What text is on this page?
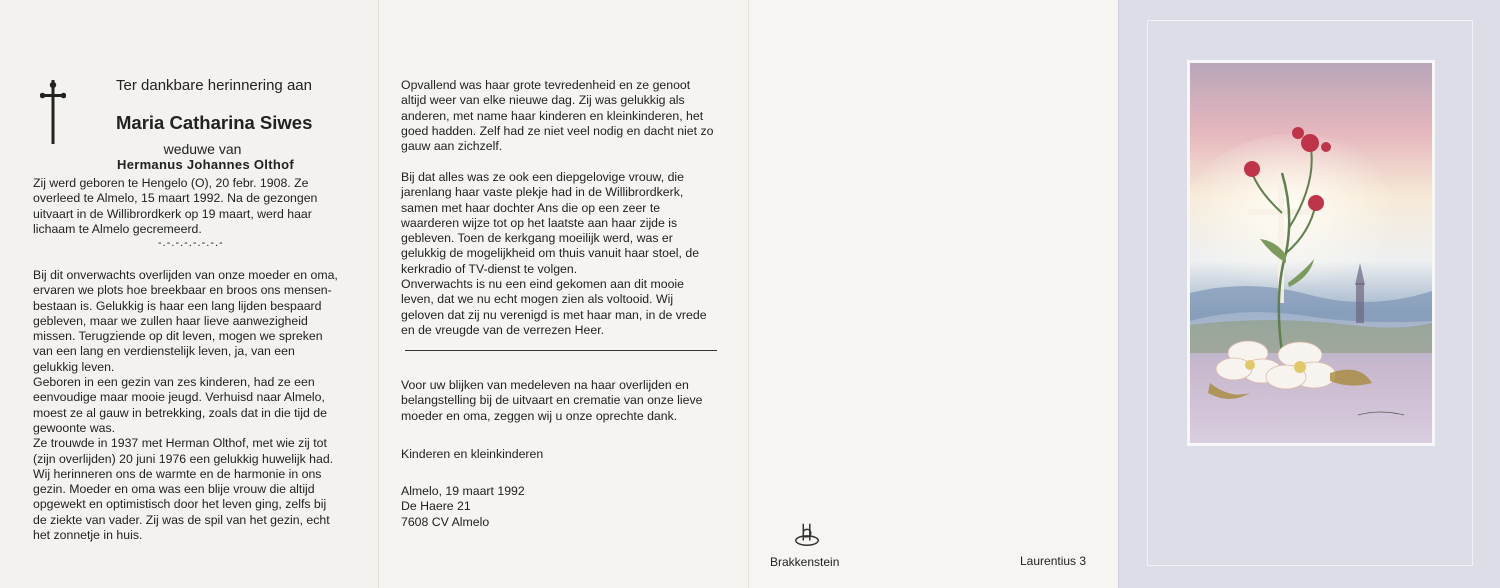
Ter dankbare herinnering aan
Maria Catharina Siwes
weduwe van
Hermanus Johannes Olthof

Zij werd geboren te Hengelo (O), 20 febr. 1908. Ze

overleed te Almelo, 15 maart 1992. Na de gezongen

uitvaart in de Willibrordkerk op 19 maart, werd haar

lichaam te Almelo gecremeerd.

-.-.-.-.-.-.-.-

Bij dit onverwachts overlijden van onze moeder en oma,

ervaren we plots hoe breekbaar en broos ons mensen-

bestaan is. Gelukkig is haar een lang lijden bespaard

gebleven, maar we zullen haar lieve aanwezigheid

missen. Terugziende op dit leven, mogen we spreken

van een lang en verdienstelijk leven, ja, van een

gelukkig leven.

Geboren in een gezin van zes kinderen, had ze een

eenvoudige maar mooie jeugd. Verhuisd naar Almelo,

moest ze al gauw in betrekking, zoals dat in die tijd de

gewoonte was.

Ze trouwde in 1937 met Herman Olthof, met wie zij tot

(zijn overlijden) 20 juni 1976 een gelukkig huwelijk had.

Wij herinneren ons de warmte en de harmonie in ons

gezin. Moeder en oma was een blije vrouw die altijd

opgewekt en optimistisch door het leven ging, zelfs bij

de ziekte van vader. Zij was de spil van het gezin, echt

het zonnetje in huis.

Opvallend was haar grote tevredenheid en ze genoot

altijd weer van elke nieuwe dag. Zij was gelukkig als

anderen, met name haar kinderen en kleinkinderen, het

goed hadden. Zelf had ze niet veel nodig en dacht niet zo

gauw aan zichzelf.

Bij dat alles was ze ook een diepgelovige vrouw, die

jarenlang haar vaste plekje had in de Willibrordkerk,

samen met haar dochter Ans die op een zeer te

waarderen wijze tot op het laatste aan haar zijde is

gebleven. Toen de kerkgang moeilijk werd, was er

gelukkig de mogelijkheid om thuis vanuit haar stoel, de

kerkradio of TV-dienst te volgen.

Onverwachts is nu een eind gekomen aan dit mooie

leven, dat we nu echt mogen zien als voltooid. Wij

geloven dat zij nu verenigd is met haar man, in de vrede

en de vreugde van de verrezen Heer.

Voor uw blijken van medeleven na haar overlijden en

belangstelling bij de uitvaart en crematie van onze lieve

moeder en oma, zeggen wij u onze oprechte dank.

Kinderen en kleinkinderen

Almelo, 19 maart 1992

De Haere 21

7608 CV Almelo

Brakkenstein	Laurentius 3
